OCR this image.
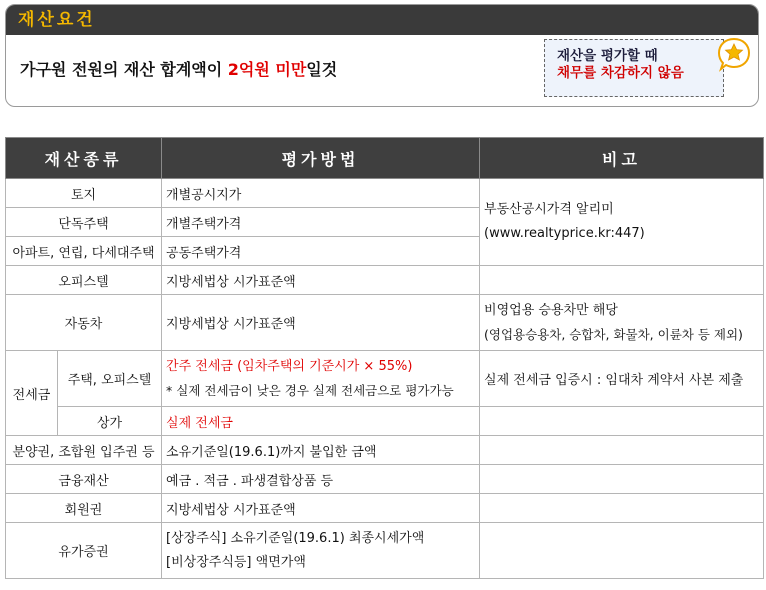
재산요건
가구원 전원의 재산 합계액이 2억원 미만일것
재산을 평가할 때
채무를 차감하지 않음
재산종류		평가방법	비고
토지		개별공시지가	부동산공시가격 알리미
(www.realtyprice.kr:447)

단독주택		개별주택가격	
아파트, 연립, 다세대주택		공동주택가격	
오피스텔		지방세법상 시가표준액	
자동차		지방세법상 시가표준액	비영업용 승용차만 해당
(영업용승용차, 승합차, 화물차, 이륜차 등 제외)

전세금	주택, 오피스텔	간주 전세금 (임차주택의 기준시가 × 55%)
* 실제 전세금이 낮은 경우 실제 전세금으로 평가가능	실제 전세금 입증시 : 임대차 계약서 사본 제출
	상가	실제 전세금	
분양권, 조합원 입주권 등		소유기준일(19.6.1)까지 불입한 금액	
금융재산		예금 . 적금 . 파생결합상품 등	
회원권		지방세법상 시가표준액	
유가증권		[상장주식] 소유기준일(19.6.1) 최종시세가액
[비상장주식등] 액면가액	
